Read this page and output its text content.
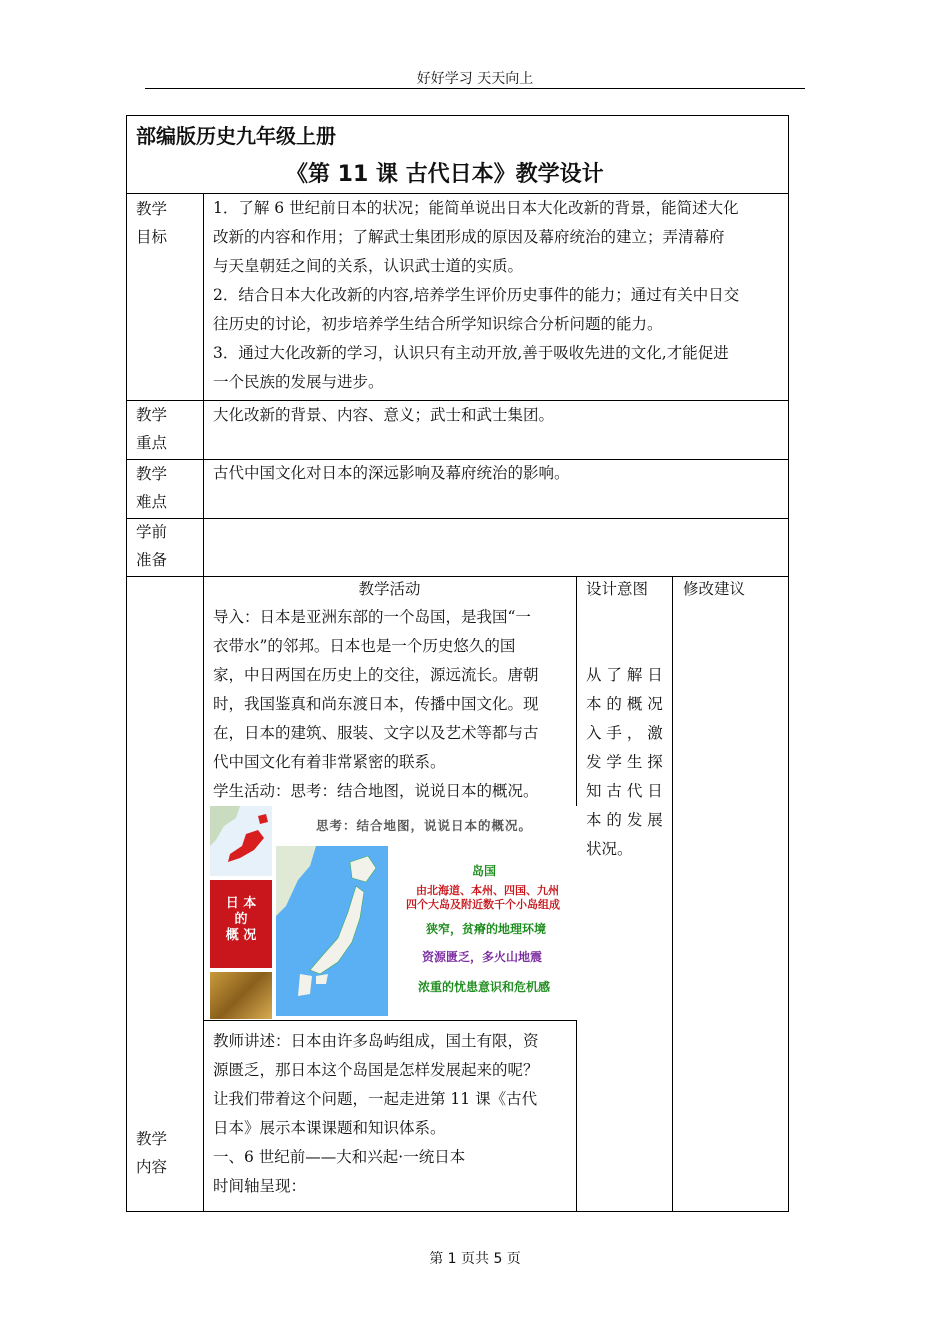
好好学习 天天向上
部编版历史九年级上册
《第 11 课 古代日本》教学设计
教学
目标
1．了解 6 世纪前日本的状况；能简单说出日本大化改新的背景，能简述大化
改新的内容和作用；了解武士集团形成的原因及幕府统治的建立；弄清幕府
与天皇朝廷之间的关系，认识武士道的实质。
2．结合日本大化改新的内容,培养学生评价历史事件的能力；通过有关中日交
往历史的讨论，初步培养学生结合所学知识综合分析问题的能力。
3．通过大化改新的学习，认识只有主动开放,善于吸收先进的文化,才能促进
一个民族的发展与进步。
教学
重点
大化改新的背景、内容、意义；武士和武士集团。
教学
难点
古代中国文化对日本的深远影响及幕府统治的影响。
学前
准备
教学
内容
教学活动	设计意图 修改建议
导入：日本是亚洲东部的一个岛国，是我国“一
衣带水”的邻邦。日本也是一个历史悠久的国
家，中日两国在历史上的交往，源远流长。唐朝
时，我国鉴真和尚东渡日本，传播中国文化。现
在，日本的建筑、服装、文字以及艺术等都与古
代中国文化有着非常紧密的联系。
学生活动：思考：结合地图，说说日本的概况。
从 了 解 日
本 的 概 况
入 手 ， 激
发 学 生 探
知 古 代 日
本 的 发 展
状况。
日 本
的
概 况
思考：结合地图，说说日本的概况。
岛国
由北海道、本州、四国、九州
四个大岛及附近数千个小岛组成
狭窄，贫瘠的地理环境
资源匮乏，多火山地震
浓重的忧患意识和危机感
教师讲述：日本由许多岛屿组成，国土有限，资
源匮乏，那日本这个岛国是怎样发展起来的呢？
让我们带着这个问题，一起走进第 11 课《古代
日本》展示本课课题和知识体系。
一、6 世纪前——大和兴起·一统日本
时间轴呈现：
第 1 页共 5 页
